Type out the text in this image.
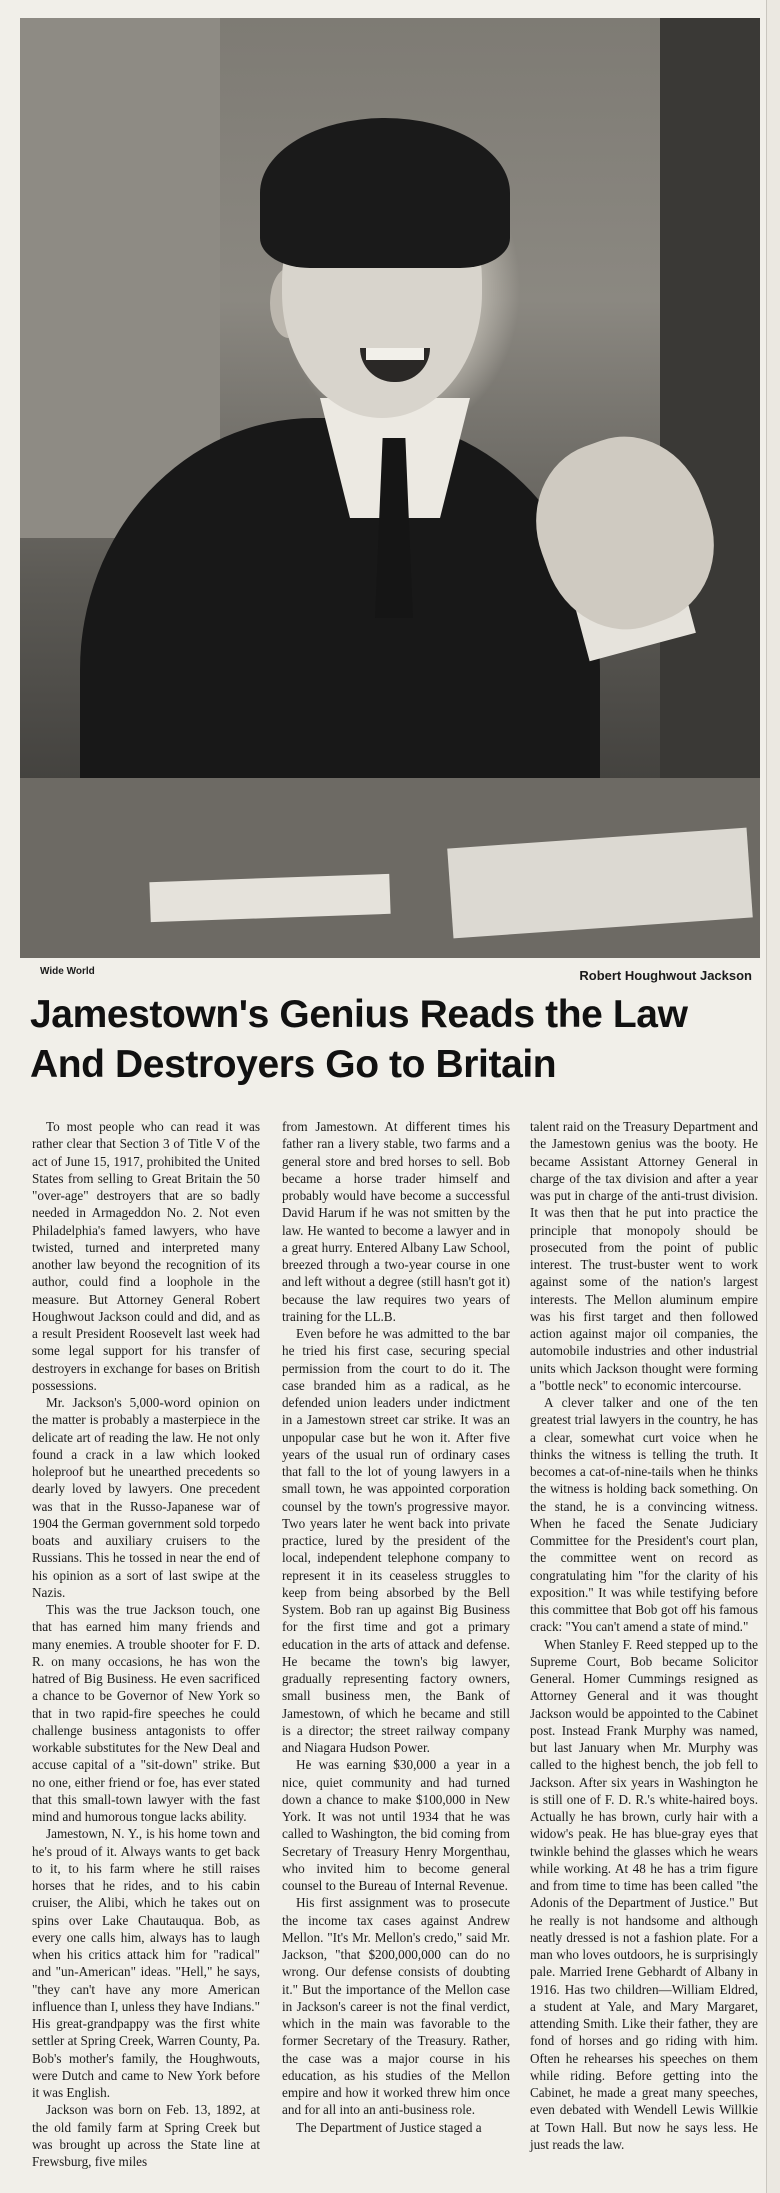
Wide World	Robert Houghwout Jackson
Jamestown's Genius Reads the Law
And Destroyers Go to Britain

To most people who can read it was rather clear that Section 3 of Title V of the act of June 15, 1917, prohibited the United States from selling to Great Britain the 50 "over-age" destroyers that are so badly needed in Armageddon No. 2. Not even Philadelphia's famed lawyers, who have twisted, turned and interpreted many another law beyond the recognition of its author, could find a loophole in the measure. But Attorney General Robert Houghwout Jackson could and did, and as a result President Roosevelt last week had some legal support for his transfer of destroyers in exchange for bases on British possessions.

Mr. Jackson's 5,000-word opinion on the matter is probably a masterpiece in the delicate art of reading the law. He not only found a crack in a law which looked holeproof but he unearthed precedents so dearly loved by lawyers. One precedent was that in the Russo-Japanese war of 1904 the German government sold torpedo boats and auxiliary cruisers to the Russians. This he tossed in near the end of his opinion as a sort of last swipe at the Nazis.

This was the true Jackson touch, one that has earned him many friends and many enemies. A trouble shooter for F. D. R. on many occasions, he has won the hatred of Big Business. He even sacrificed a chance to be Governor of New York so that in two rapid-fire speeches he could challenge business antagonists to offer workable substitutes for the New Deal and accuse capital of a "sit-down" strike. But no one, either friend or foe, has ever stated that this small-town lawyer with the fast mind and humorous tongue lacks ability.

Jamestown, N. Y., is his home town and he's proud of it. Always wants to get back to it, to his farm where he still raises horses that he rides, and to his cabin cruiser, the Alibi, which he takes out on spins over Lake Chautauqua. Bob, as every one calls him, always has to laugh when his critics attack him for "radical" and "un-American" ideas. "Hell," he says, "they can't have any more American influence than I, unless they have Indians." His great-grandpappy was the first white settler at Spring Creek, Warren County, Pa. Bob's mother's family, the Houghwouts, were Dutch and came to New York before it was English.

Jackson was born on Feb. 13, 1892, at the old family farm at Spring Creek but was brought up across the State line at Frewsburg, five miles

from Jamestown. At different times his father ran a livery stable, two farms and a general store and bred horses to sell. Bob became a horse trader himself and probably would have become a successful David Harum if he was not smitten by the law. He wanted to become a lawyer and in a great hurry. Entered Albany Law School, breezed through a two-year course in one and left without a degree (still hasn't got it) because the law requires two years of training for the LL.B.

Even before he was admitted to the bar he tried his first case, securing special permission from the court to do it. The case branded him as a radical, as he defended union leaders under indictment in a Jamestown street car strike. It was an unpopular case but he won it. After five years of the usual run of ordinary cases that fall to the lot of young lawyers in a small town, he was appointed corporation counsel by the town's progressive mayor. Two years later he went back into private practice, lured by the president of the local, independent telephone company to represent it in its ceaseless struggles to keep from being absorbed by the Bell System. Bob ran up against Big Business for the first time and got a primary education in the arts of attack and defense. He became the town's big lawyer, gradually representing factory owners, small business men, the Bank of Jamestown, of which he became and still is a director; the street railway company and Niagara Hudson Power.

He was earning $30,000 a year in a nice, quiet community and had turned down a chance to make $100,000 in New York. It was not until 1934 that he was called to Washington, the bid coming from Secretary of Treasury Henry Morgenthau, who invited him to become general counsel to the Bureau of Internal Revenue.

His first assignment was to prosecute the income tax cases against Andrew Mellon. "It's Mr. Mellon's credo," said Mr. Jackson, "that $200,000,000 can do no wrong. Our defense consists of doubting it." But the importance of the Mellon case in Jackson's career is not the final verdict, which in the main was favorable to the former Secretary of the Treasury. Rather, the case was a major course in his education, as his studies of the Mellon empire and how it worked threw him once and for all into an anti-business role.

The Department of Justice staged a

talent raid on the Treasury Department and the Jamestown genius was the booty. He became Assistant Attorney General in charge of the tax division and after a year was put in charge of the anti-trust division. It was then that he put into practice the principle that monopoly should be prosecuted from the point of public interest. The trust-buster went to work against some of the nation's largest interests. The Mellon aluminum empire was his first target and then followed action against major oil companies, the automobile industries and other industrial units which Jackson thought were forming a "bottle neck" to economic intercourse.

A clever talker and one of the ten greatest trial lawyers in the country, he has a clear, somewhat curt voice when he thinks the witness is telling the truth. It becomes a cat-of-nine-tails when he thinks the witness is holding back something. On the stand, he is a convincing witness. When he faced the Senate Judiciary Committee for the President's court plan, the committee went on record as congratulating him "for the clarity of his exposition." It was while testifying before this committee that Bob got off his famous crack: "You can't amend a state of mind."

When Stanley F. Reed stepped up to the Supreme Court, Bob became Solicitor General. Homer Cummings resigned as Attorney General and it was thought Jackson would be appointed to the Cabinet post. Instead Frank Murphy was named, but last January when Mr. Murphy was called to the highest bench, the job fell to Jackson. After six years in Washington he is still one of F. D. R.'s white-haired boys. Actually he has brown, curly hair with a widow's peak. He has blue-gray eyes that twinkle behind the glasses which he wears while working. At 48 he has a trim figure and from time to time has been called "the Adonis of the Department of Justice." But he really is not handsome and although neatly dressed is not a fashion plate. For a man who loves outdoors, he is surprisingly pale. Married Irene Gebhardt of Albany in 1916. Has two children—William Eldred, a student at Yale, and Mary Margaret, attending Smith. Like their father, they are fond of horses and go riding with him. Often he rehearses his speeches on them while riding. Before getting into the Cabinet, he made a great many speeches, even debated with Wendell Lewis Willkie at Town Hall. But now he says less. He just reads the law.
